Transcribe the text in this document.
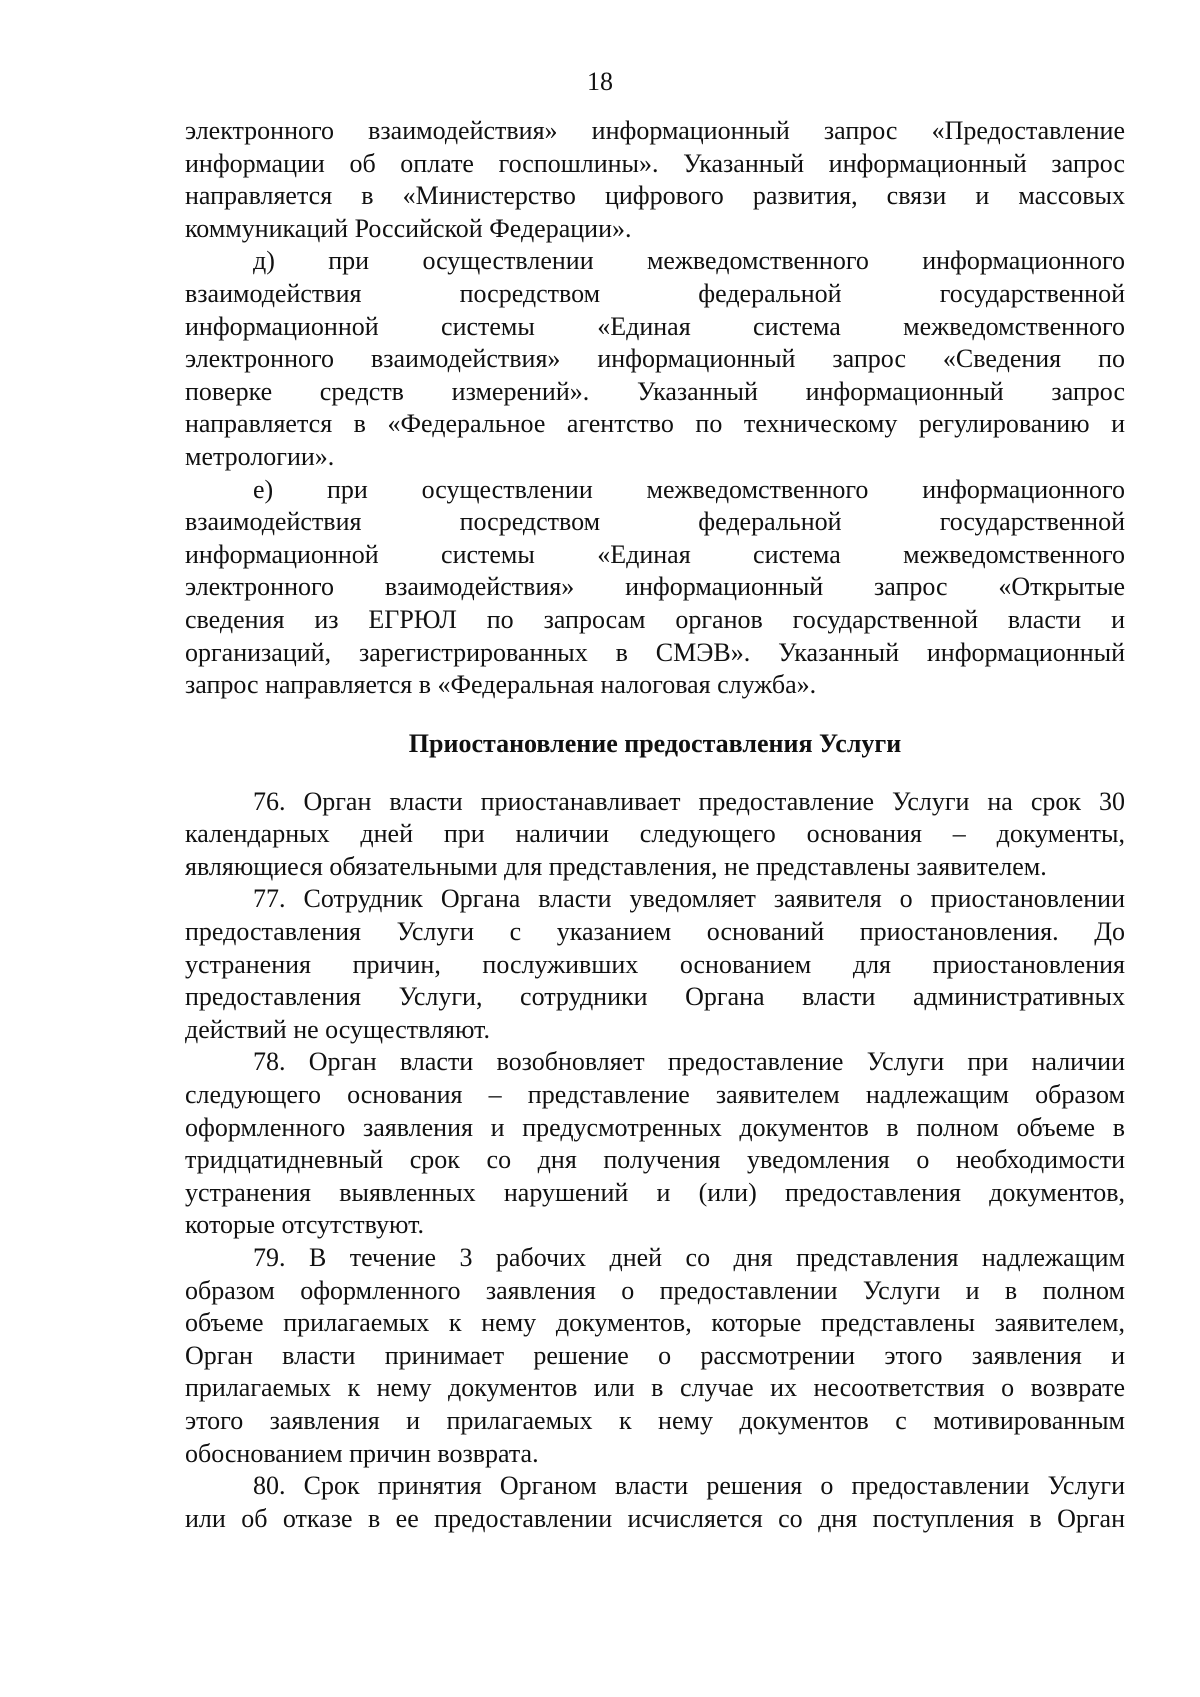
18
электронного взаимодействия» информационный запрос «Предоставление
информации об оплате госпошлины». Указанный информационный запрос
направляется в «Министерство цифрового развития, связи и массовых
коммуникаций Российской Федерации».
д) при осуществлении межведомственного информационного
взаимодействия посредством федеральной государственной
информационной системы «Единая система межведомственного
электронного взаимодействия» информационный запрос «Сведения по
поверке средств измерений». Указанный информационный запрос
направляется в «Федеральное агентство по техническому регулированию и
метрологии».
е) при осуществлении межведомственного информационного
взаимодействия посредством федеральной государственной
информационной системы «Единая система межведомственного
электронного взаимодействия» информационный запрос «Открытые
сведения из ЕГРЮЛ по запросам органов государственной власти и
организаций, зарегистрированных в СМЭВ». Указанный информационный
запрос направляется в «Федеральная налоговая служба».
Приостановление предоставления Услуги
76. Орган власти приостанавливает предоставление Услуги на срок 30
календарных дней при наличии следующего основания – документы,
являющиеся обязательными для представления, не представлены заявителем.
77. Сотрудник Органа власти уведомляет заявителя о приостановлении
предоставления Услуги с указанием оснований приостановления. До
устранения причин, послуживших основанием для приостановления
предоставления Услуги, сотрудники Органа власти административных
действий не осуществляют.
78. Орган власти возобновляет предоставление Услуги при наличии
следующего основания – представление заявителем надлежащим образом
оформленного заявления и предусмотренных документов в полном объеме в
тридцатидневный срок со дня получения уведомления о необходимости
устранения выявленных нарушений и (или) предоставления документов,
которые отсутствуют.
79. В течение 3 рабочих дней со дня представления надлежащим
образом оформленного заявления о предоставлении Услуги и в полном
объеме прилагаемых к нему документов, которые представлены заявителем,
Орган власти принимает решение о рассмотрении этого заявления и
прилагаемых к нему документов или в случае их несоответствия о возврате
этого заявления и прилагаемых к нему документов с мотивированным
обоснованием причин возврата.
80. Срок принятия Органом власти решения о предоставлении Услуги
или об отказе в ее предоставлении исчисляется со дня поступления в Орган
